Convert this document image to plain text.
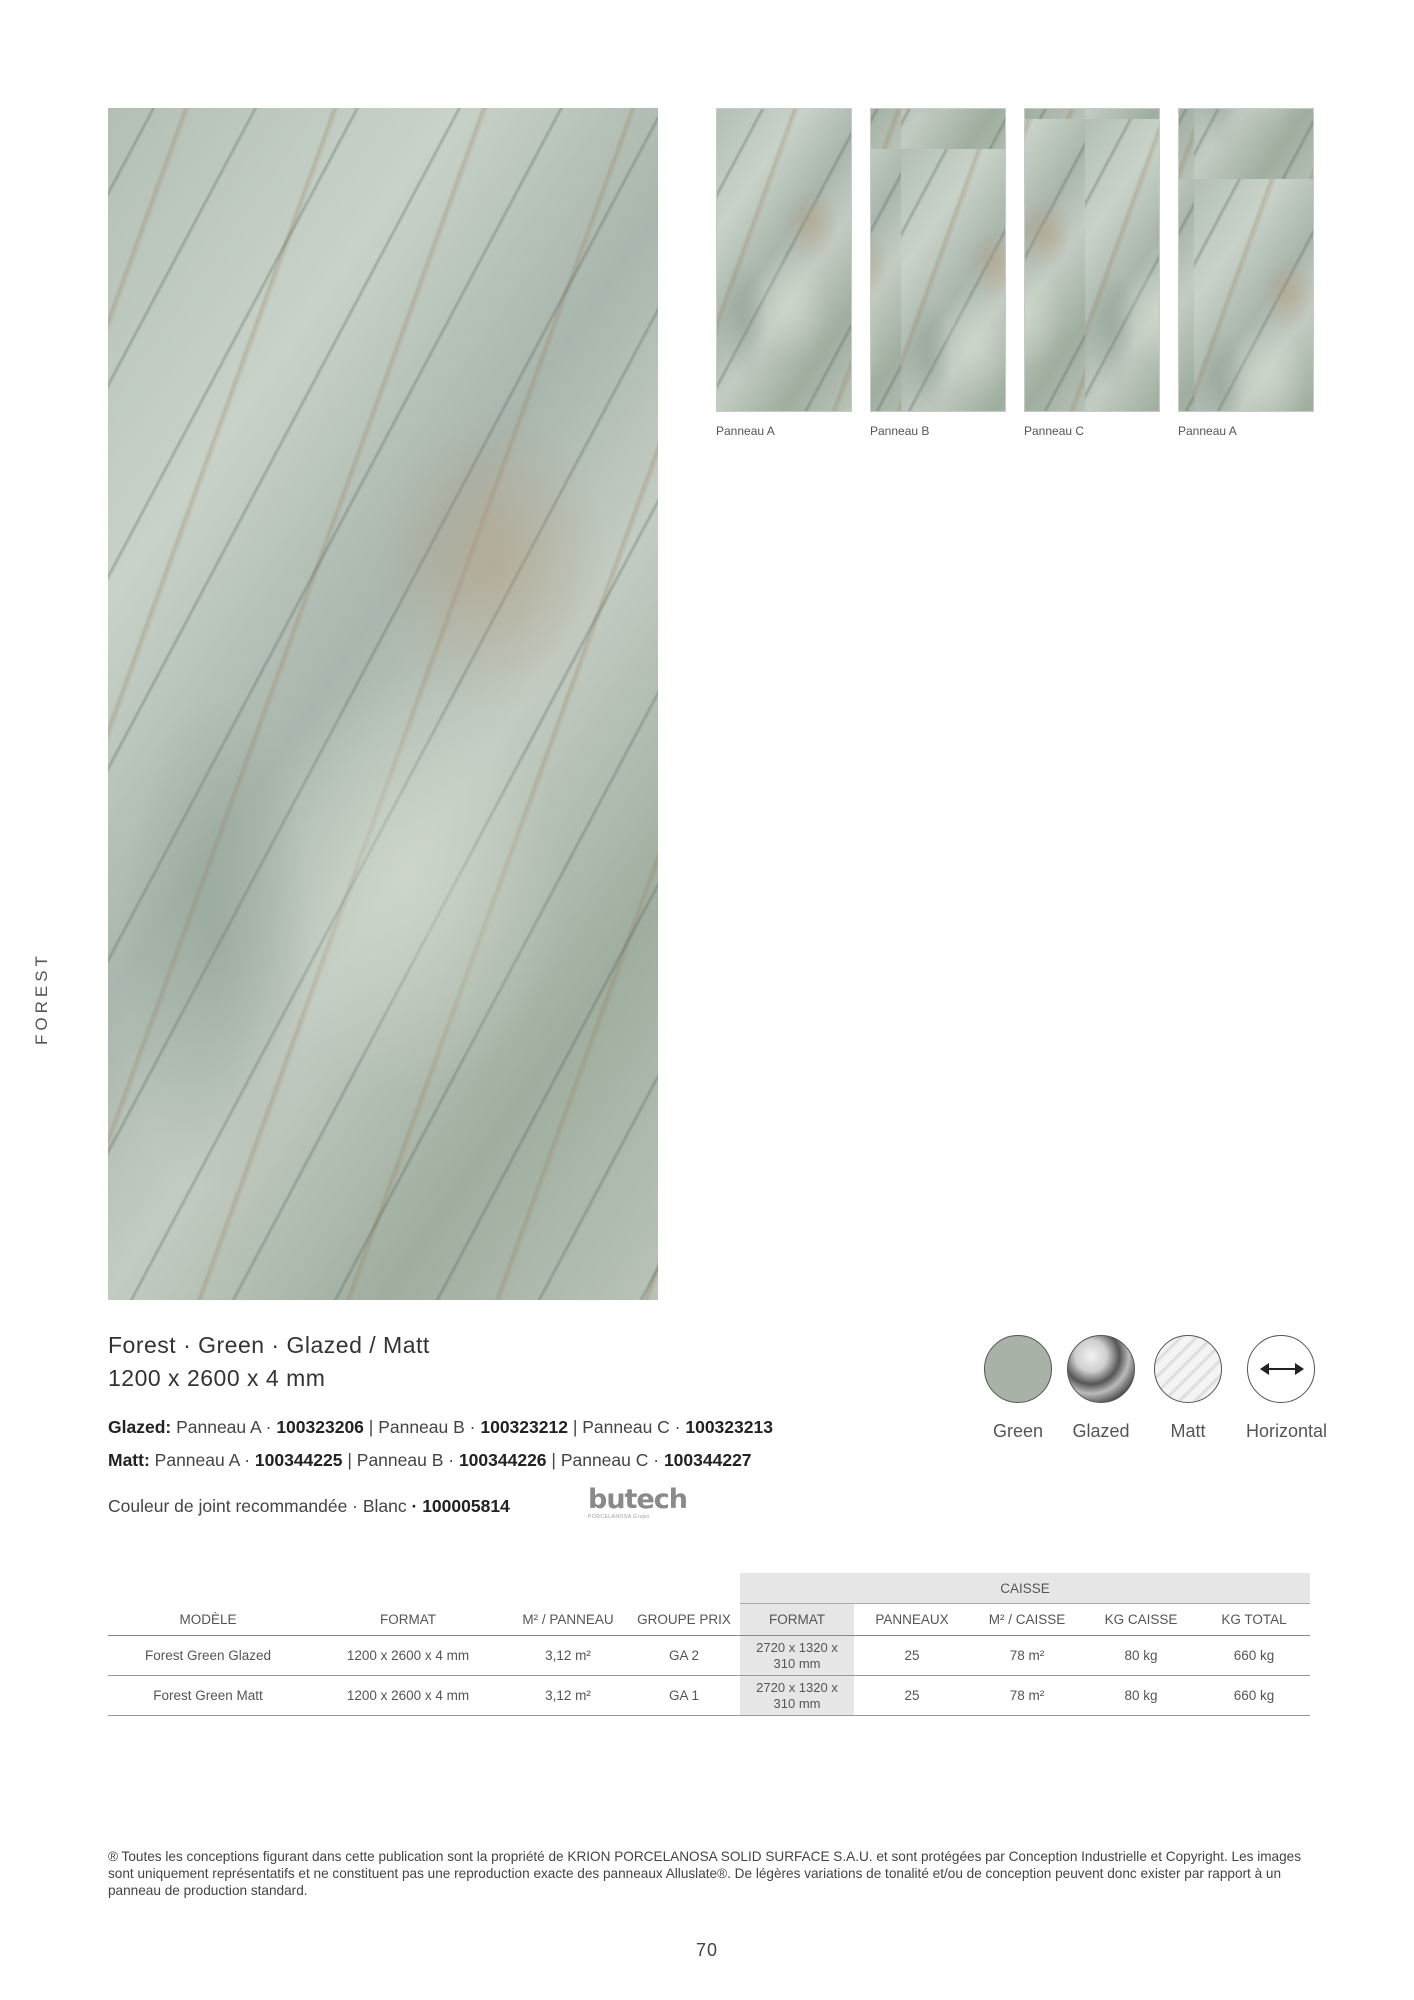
FOREST
Panneau A	Panneau B	Panneau C	Panneau A
Forest · Green · Glazed / Matt
1200 x 2600 x 4 mm
Glazed: Panneau A · 100323206 | Panneau B · 100323212 | Panneau C · 100323213
Matt: Panneau A · 100344225 | Panneau B · 100344226 | Panneau C · 100344227
Couleur de joint recommandée · Blanc · 100005814	butech
PORCELANOSA Grupo
Green	Glazed	Matt	Horizontal
				CAISSE				
MODÈLE	FORMAT	M² / PANNEAU	GROUPE PRIX	FORMAT	PANNEAUX	M² / CAISSE	KG CAISSE	KG TOTAL
Forest Green Glazed	1200 x 2600 x 4 mm	3,12 m²	GA 2	2720 x 1320 x 310 mm	25	78 m²	80 kg	660 kg
Forest Green Matt	1200 x 2600 x 4 mm	3,12 m²	GA 1	2720 x 1320 x 310 mm	25	78 m²	80 kg	660 kg
® Toutes les conceptions figurant dans cette publication sont la propriété de KRION PORCELANOSA SOLID SURFACE S.A.U. et sont protégées par Conception Industrielle et Copyright. Les images sont uniquement représentatifs et ne constituent pas une reproduction exacte des panneaux Alluslate®. De légères variations de tonalité et/ou de conception peuvent donc exister par rapport à un panneau de production standard.
70
